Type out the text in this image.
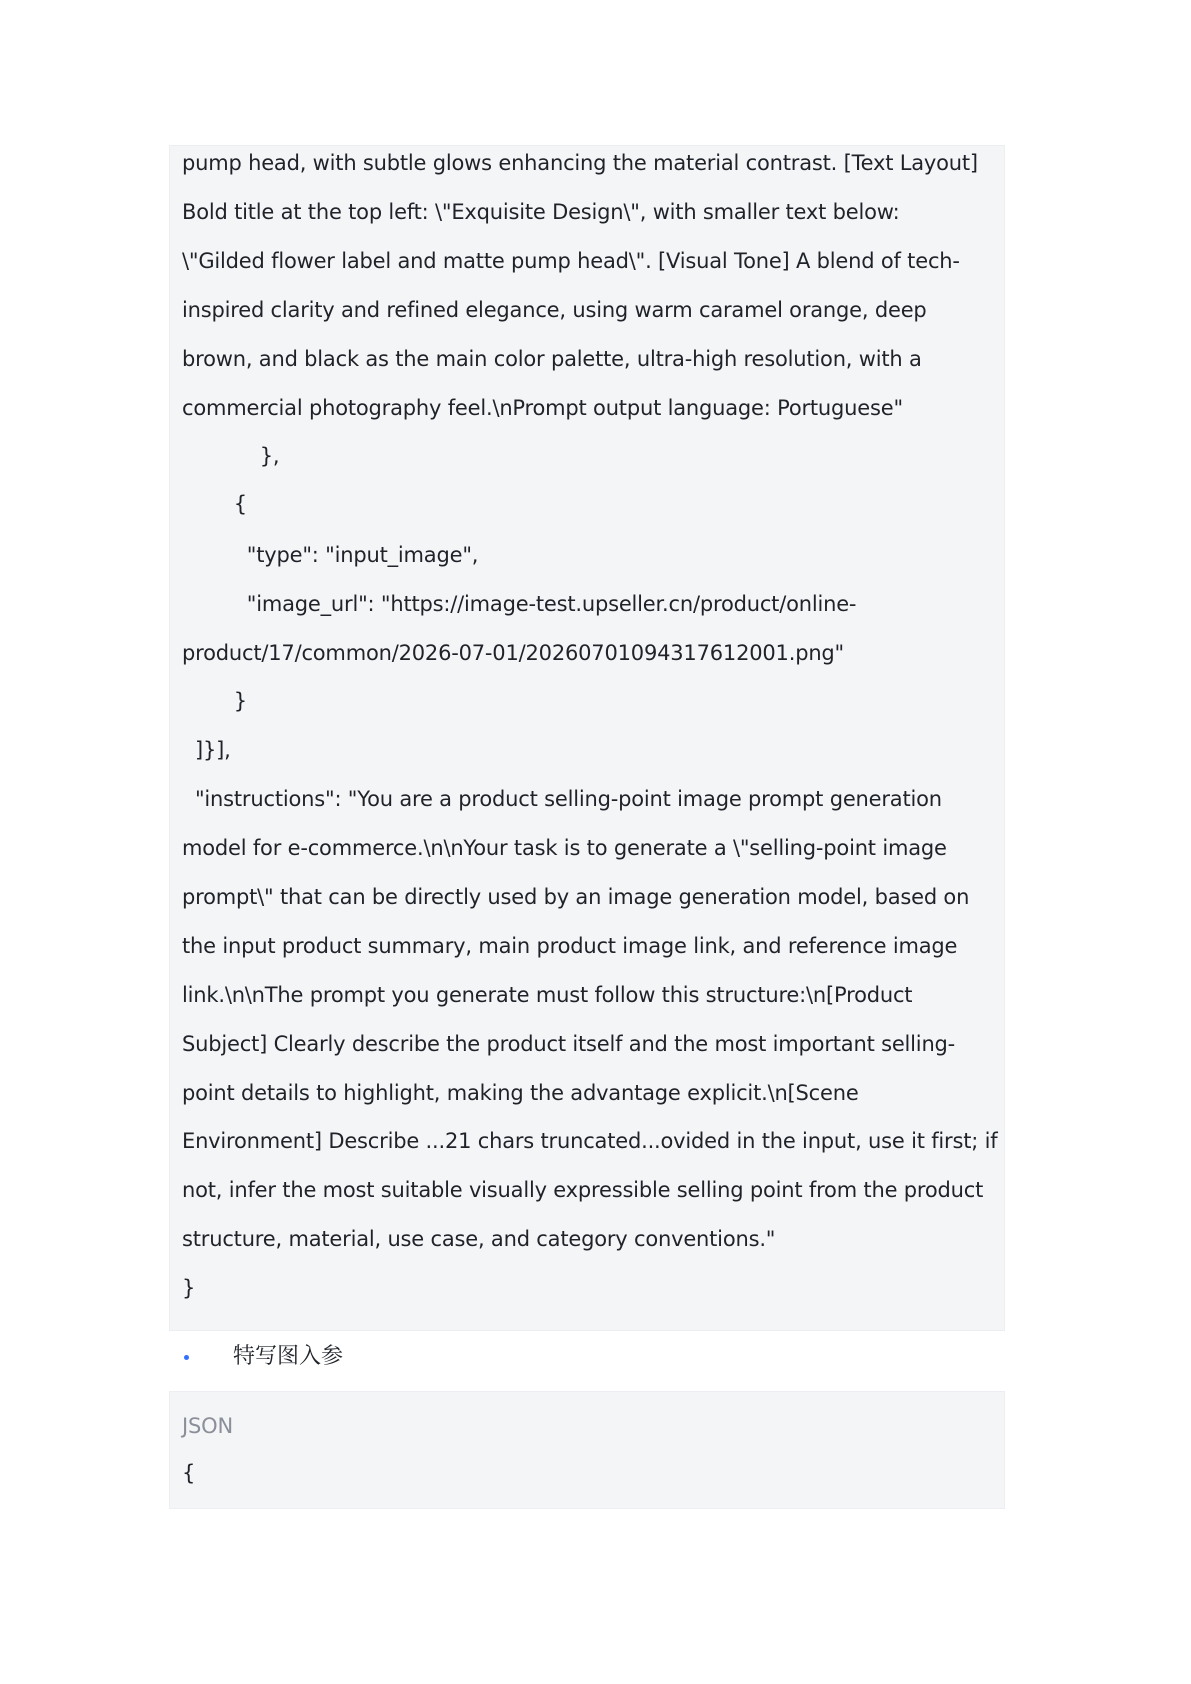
pump head, with subtle glows enhancing the material contrast. [Text Layout]
Bold title at the top left: \"Exquisite Design\", with smaller text below:
\"Gilded flower label and matte pump head\". [Visual Tone] A blend of tech-
inspired clarity and refined elegance, using warm caramel orange, deep
brown, and black as the main color palette, ultra-high resolution, with a
commercial photography feel.\nPrompt output language: Portuguese"
},
{
"type": "input_image",
"image_url": "https://image-test.upseller.cn/product/online-
product/17/common/2026-07-01/20260701094317612001.png"
}
]}],
"instructions": "You are a product selling-point image prompt generation
model for e-commerce.\n\nYour task is to generate a \"selling-point image
prompt\" that can be directly used by an image generation model, based on
the input product summary, main product image link, and reference image
link.\n\nThe prompt you generate must follow this structure:\n[Product
Subject] Clearly describe the product itself and the most important selling-
point details to highlight, making the advantage explicit.\n[Scene
Environment] Describe ...21 chars truncated...ovided in the input, use it first; if
not, infer the most suitable visually expressible selling point from the product
structure, material, use case, and category conventions."
}
特写图入参
JSON
{
